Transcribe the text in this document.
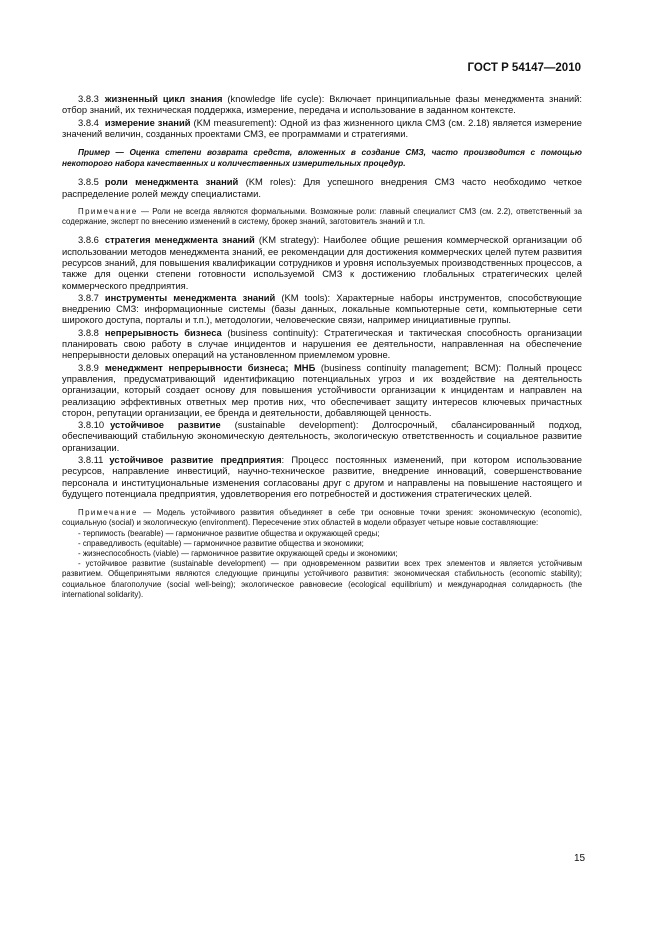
ГОСТ Р 54147—2010

3.8.3 жизненный цикл знания (knowledge life cycle): Включает принципиальные фазы менеджмента знаний: отбор знаний, их техническая поддержка, измерение, передача и использование в заданном контексте.

3.8.4 измерение знаний (KM measurement): Одной из фаз жизненного цикла СМЗ (см. 2.18) является измерение значений величин, созданных проектами СМЗ, ее программами и стратегиями.

Пример — Оценка степени возврата средств, вложенных в создание СМЗ, часто производится с помощью некоторого набора качественных и количественных измерительных процедур.

3.8.5 роли менеджмента знаний (KM roles): Для успешного внедрения СМЗ часто необходимо четкое распределение ролей между специалистами.

Примечание — Роли не всегда являются формальными. Возможные роли: главный специалист СМЗ (см. 2.2), ответственный за содержание, эксперт по внесению изменений в систему, брокер знаний, заготовитель знаний и т.п.

3.8.6 стратегия менеджмента знаний (KM strategy): Наиболее общие решения коммерческой организации об использовании методов менеджмента знаний, ее рекомендации для достижения коммерческих целей путем развития ресурсов знаний, для повышения квалификации сотрудников и уровня используемых производственных процессов, а также для оценки степени готовности используемой СМЗ к достижению глобальных стратегических целей коммерческого предприятия.

3.8.7 инструменты менеджмента знаний (KM tools): Характерные наборы инструментов, способствующие внедрению СМЗ: информационные системы (базы данных, локальные компьютерные сети, компьютерные сети широкого доступа, порталы и т.п.), методологии, человеческие связи, например инициативные группы.

3.8.8 непрерывность бизнеса (business continuity): Стратегическая и тактическая способность организации планировать свою работу в случае инцидентов и нарушения ее деятельности, направленная на обеспечение непрерывности деловых операций на установленном приемлемом уровне.

3.8.9 менеджмент непрерывности бизнеса; МНБ (business continuity management; BCM): Полный процесс управления, предусматривающий идентификацию потенциальных угроз и их воздействие на деятельность организации, который создает основу для повышения устойчивости организации к инцидентам и направлен на реализацию эффективных ответных мер против них, что обеспечивает защиту интересов ключевых причастных сторон, репутации организации, ее бренда и деятельности, добавляющей ценность.

3.8.10 устойчивое развитие (sustainable development): Долгосрочный, сбалансированный подход, обеспечивающий стабильную экономическую деятельность, экологическую ответственность и социальное развитие организации.

3.8.11 устойчивое развитие предприятия: Процесс постоянных изменений, при котором использование ресурсов, направление инвестиций, научно-техническое развитие, внедрение инноваций, совершенствование персонала и институциональные изменения согласованы друг с другом и направлены на повышение настоящего и будущего потенциала предприятия, удовлетворения его потребностей и достижения стратегических целей.

Примечание — Модель устойчивого развития объединяет в себе три основные точки зрения: экономическую (economic), социальную (social) и экологическую (environment). Пересечение этих областей в модели образует четыре новые составляющие:

- терпимость (bearable) — гармоничное развитие общества и окружающей среды;

- справедливость (equitable) — гармоничное развитие общества и экономики;

- жизнеспособность (viable) — гармоничное развитие окружающей среды и экономики;

- устойчивое развитие (sustainable development) — при одновременном развитии всех трех элементов и является устойчивым развитием. Общепринятыми являются следующие принципы устойчивого развития: экономическая стабильность (economic stability); социальное благополучие (social well-being); экологическое равновесие (ecological equilibrium) и международная солидарность (the international solidarity).

15
